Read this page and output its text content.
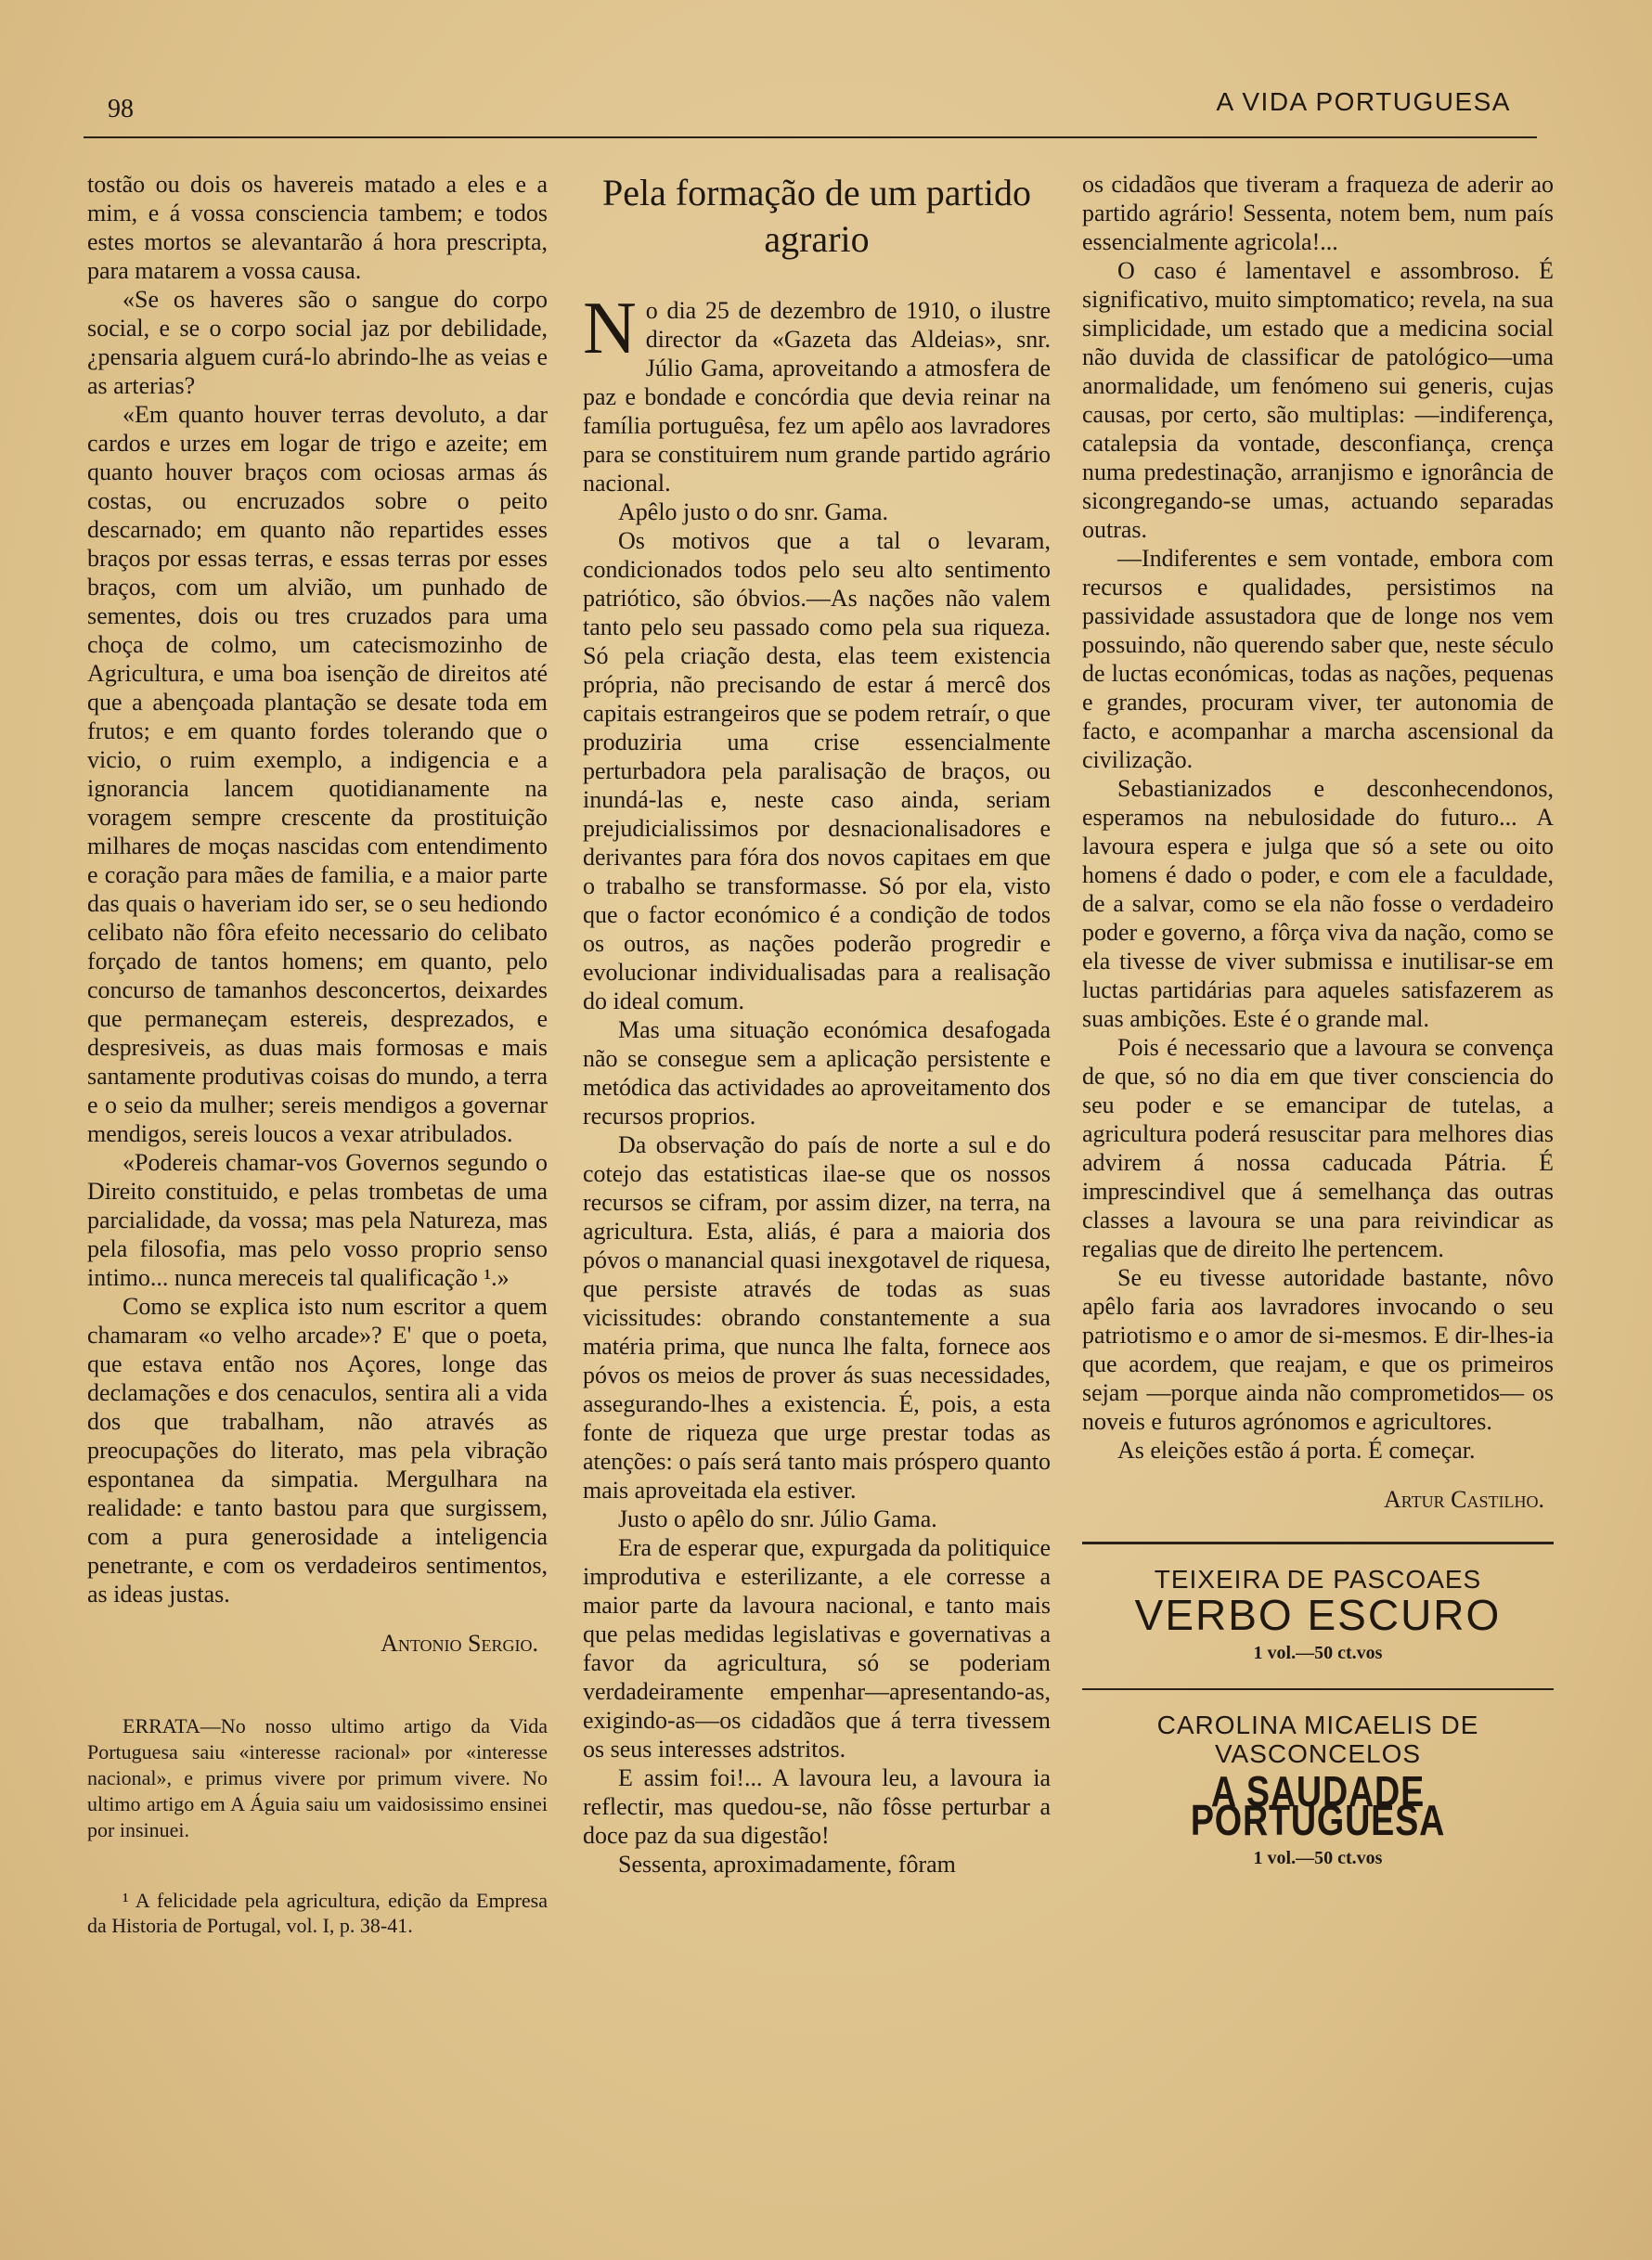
98	A VIDA PORTUGUESA

tostão ou dois os havereis matado a eles e a mim, e á vossa consciencia tambem; e todos estes mortos se alevantarão á hora prescripta, para matarem a vossa causa.

«Se os haveres são o sangue do corpo social, e se o corpo social jaz por debilidade, ¿pensaria alguem curá-lo abrindo-lhe as veias e as arterias?

«Em quanto houver terras devoluto, a dar cardos e urzes em logar de trigo e azeite; em quanto houver braços com ociosas armas ás costas, ou encruzados sobre o peito descarnado; em quanto não repartides esses braços por essas terras, e essas terras por esses braços, com um alvião, um punhado de sementes, dois ou tres cruzados para uma choça de colmo, um catecismozinho de Agricultura, e uma boa isenção de direitos até que a abençoada plantação se desate toda em frutos; e em quanto fordes tolerando que o vicio, o ruim exemplo, a indigencia e a ignorancia lancem quotidianamente na voragem sempre crescente da prostituição milhares de moças nascidas com entendimento e coração para mães de familia, e a maior parte das quais o haveriam ido ser, se o seu hediondo celibato não fôra efeito necessario do celibato forçado de tantos homens; em quanto, pelo concurso de tamanhos desconcertos, deixardes que permaneçam estereis, desprezados, e despresiveis, as duas mais formosas e mais santamente produtivas coisas do mundo, a terra e o seio da mulher; sereis mendigos a governar mendigos, sereis loucos a vexar atribulados.

«Podereis chamar-vos Governos segundo o Direito constituido, e pelas trombetas de uma parcialidade, da vossa; mas pela Natureza, mas pela filosofia, mas pelo vosso proprio senso intimo... nunca mereceis tal qualificação ¹.»

Como se explica isto num escritor a quem chamaram «o velho arcade»? E' que o poeta, que estava então nos Açores, longe das declamações e dos cenaculos, sentira ali a vida dos que trabalham, não através as preocupações do literato, mas pela vibração espontanea da simpatia. Mergulhara na realidade: e tanto bastou para que surgissem, com a pura generosidade a inteligencia penetrante, e com os verdadeiros sentimentos, as ideas justas.

Antonio Sergio.

ERRATA—No nosso ultimo artigo da Vida Portuguesa saiu «interesse racional» por «interesse nacional», e primus vivere por primum vivere. No ultimo artigo em A Águia saiu um vaidosissimo ensinei por insinuei.

¹ A felicidade pela agricultura, edição da Empresa da Historia de Portugal, vol. I, p. 38-41.

Pela formação de um partido agrario

No dia 25 de dezembro de 1910, o ilustre director da «Gazeta das Aldeias», snr. Júlio Gama, aproveitando a atmosfera de paz e bondade e concórdia que devia reinar na família portuguêsa, fez um apêlo aos lavradores para se constituirem num grande partido agrário nacional.

Apêlo justo o do snr. Gama.

Os motivos que a tal o levaram, condicionados todos pelo seu alto sentimento patriótico, são óbvios.—As nações não valem tanto pelo seu passado como pela sua riqueza. Só pela criação desta, elas teem existencia própria, não precisando de estar á mercê dos capitais estrangeiros que se podem retraír, o que produziria uma crise essencialmente perturbadora pela paralisação de braços, ou inundá-las e, neste caso ainda, seriam prejudicialissimos por desnacionalisadores e derivantes para fóra dos novos capitaes em que o trabalho se transformasse. Só por ela, visto que o factor económico é a condição de todos os outros, as nações poderão progredir e evolucionar individualisadas para a realisação do ideal comum.

Mas uma situação económica desafogada não se consegue sem a aplicação persistente e metódica das actividades ao aproveitamento dos recursos proprios.

Da observação do país de norte a sul e do cotejo das estatisticas ilae-se que os nossos recursos se cifram, por assim dizer, na terra, na agricultura. Esta, aliás, é para a maioria dos póvos o manancial quasi inexgotavel de riquesa, que persiste através de todas as suas vicissitudes: obrando constantemente a sua matéria prima, que nunca lhe falta, fornece aos póvos os meios de prover ás suas necessidades, assegurando-lhes a existencia. É, pois, a esta fonte de riqueza que urge prestar todas as atenções: o país será tanto mais próspero quanto mais aproveitada ela estiver.

Justo o apêlo do snr. Júlio Gama.

Era de esperar que, expurgada da politiquice improdutiva e esterilizante, a ele corresse a maior parte da lavoura nacional, e tanto mais que pelas medidas legislativas e governativas a favor da agricultura, só se poderiam verdadeiramente empenhar—apresentando-as, exigindo-as—os cidadãos que á terra tivessem os seus interesses adstritos.

E assim foi!... A lavoura leu, a lavoura ia reflectir, mas quedou-se, não fôsse perturbar a doce paz da sua digestão!

Sessenta, aproximadamente, fôram

os cidadãos que tiveram a fraqueza de aderir ao partido agrário! Sessenta, notem bem, num país essencialmente agricola!...

O caso é lamentavel e assombroso. É significativo, muito simptomatico; revela, na sua simplicidade, um estado que a medicina social não duvida de classificar de patológico—uma anormalidade, um fenómeno sui generis, cujas causas, por certo, são multiplas: —indiferença, catalepsia da vontade, desconfiança, crença numa predestinação, arranjismo e ignorância de sicongregando-se umas, actuando separadas outras.

—Indiferentes e sem vontade, embora com recursos e qualidades, persistimos na passividade assustadora que de longe nos vem possuindo, não querendo saber que, neste século de luctas económicas, todas as nações, pequenas e grandes, procuram viver, ter autonomia de facto, e acompanhar a marcha ascensional da civilização.

Sebastianizados e desconhecendonos, esperamos na nebulosidade do futuro... A lavoura espera e julga que só a sete ou oito homens é dado o poder, e com ele a faculdade, de a salvar, como se ela não fosse o verdadeiro poder e governo, a fôrça viva da nação, como se ela tivesse de viver submissa e inutilisar-se em luctas partidárias para aqueles satisfazerem as suas ambições. Este é o grande mal.

Pois é necessario que a lavoura se convença de que, só no dia em que tiver consciencia do seu poder e se emancipar de tutelas, a agricultura poderá resuscitar para melhores dias advirem á nossa caducada Pátria. É imprescindivel que á semelhança das outras classes a lavoura se una para reivindicar as regalias que de direito lhe pertencem.

Se eu tivesse autoridade bastante, nôvo apêlo faria aos lavradores invocando o seu patriotismo e o amor de si-mesmos. E dir-lhes-ia que acordem, que reajam, e que os primeiros sejam —porque ainda não comprometidos— os noveis e futuros agrónomos e agricultores.

As eleições estão á porta. É começar.

Artur Castilho.

TEIXEIRA DE PASCOAES
VERBO ESCURO
1 vol.—50 ct.vos
CAROLINA MICAELIS DE VASCONCELOS
A SAUDADE PORTUGUESA
1 vol.—50 ct.vos
